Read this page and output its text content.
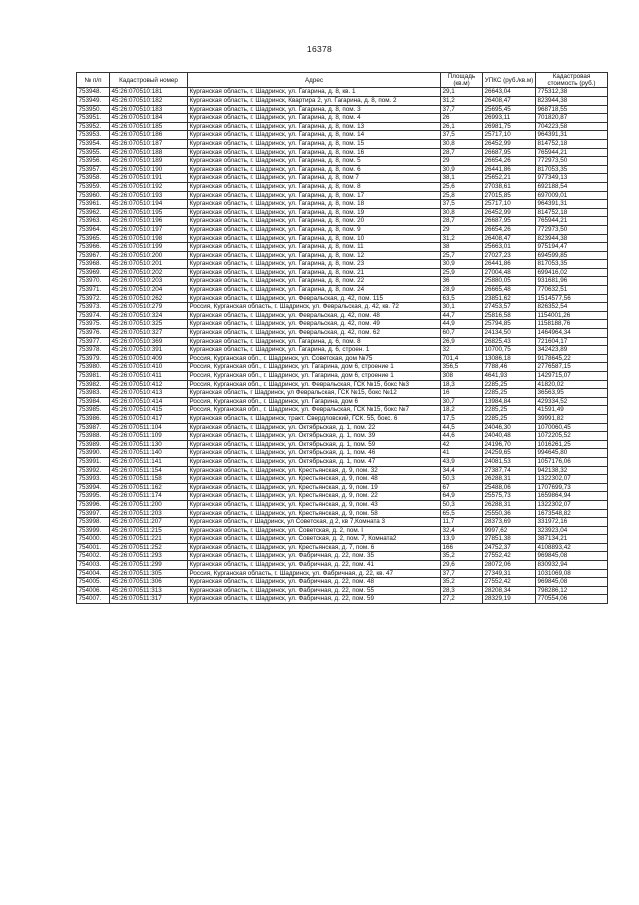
16378
№ п/п	Кадастровый номер	Адрес	Площадь (кв.м)	УПКС (руб./кв.м)	Кадастровая стоимость (руб.)
753948.	45:26:070510:181	Курганская область, г. Шадринск, ул. Гагарина, д. 8, кв. 1	29,1	26643,04	775312,38
753949.	45:26:070510:182	Курганская область, г. Шадринск, Квартира 2, ул. Гагарина, д. 8, пом. 2	31,2	26408,47	823944,38
753950.	45:26:070510:183	Курганская область, г. Шадринск, ул. Гагарина, д. 8, пом. 3	37,7	25695,45	968718,55
753951.	45:26:070510:184	Курганская область, г. Шадринск, ул. Гагарина, д. 8, пом. 4	26	26993,11	701820,87
753952.	45:26:070510:185	Курганская область, г. Шадринск, ул. Гагарина, д. 8, пом. 13	26,1	26981,75	704223,58
753953.	45:26:070510:186	Курганская область, г. Шадринск, ул. Гагарина, д. 8, пом. 14	37,5	25717,10	964391,31
753954.	45:26:070510:187	Курганская область, г. Шадринск, ул. Гагарина, д. 8, пом. 15	30,8	26452,99	814752,18
753955.	45:26:070510:188	Курганская область, г. Шадринск, ул. Гагарина, д. 8, пом. 16	28,7	26687,95	765944,21
753956.	45:26:070510:189	Курганская область, г. Шадринск, ул. Гагарина, д. 8, пом. 5	29	26654,26	772973,50
753957.	45:26:070510:190	Курганская область, г. Шадринск, ул. Гагарина, д. 8, пом. 6	30,9	26441,86	817053,35
753958.	45:26:070510:191	Курганская область, г. Шадринск, ул. Гагарина, д. 8, пом 7	38,1	25652,21	977349,13
753959.	45:26:070510:192	Курганская область, г. Шадринск, ул. Гагарина, д. 8, пом. 8	25,6	27038,61	692188,54
753960.	45:26:070510:193	Курганская область, г. Шадринск, ул. Гагарина, д. 8, пом. 17	25,8	27015,85	697009,01
753961.	45:26:070510:194	Курганская область, г. Шадринск, ул. Гагарина, д. 8, пом. 18	37,5	25717,10	964391,31
753962.	45:26:070510:195	Курганская область, г. Шадринск, ул. Гагарина, д. 8, пом. 19	30,8	26452,99	814752,18
753963.	45:26:070510:196	Курганская область, г. Шадринск, ул. Гагарина, д. 8, пом. 20	28,7	26687,95	765944,21
753964.	45:26:070510:197	Курганская область, г. Шадринск, ул. Гагарина, д. 8, пом. 9	29	26654,26	772973,50
753965.	45:26:070510:198	Курганская область, г. Шадринск, ул. Гагарина, д. 8, пом. 10	31,2	26408,47	823944,38
753966.	45:26:070510:199	Курганская область, г. Шадринск, ул. Гагарина, д. 8, пом. 11	38	25663,01	975194,47
753967.	45:26:070510:200	Курганская область, г. Шадринск, ул. Гагарина, д. 8, пом. 12	25,7	27027,23	694599,85
753968.	45:26:070510:201	Курганская область, г. Шадринск, ул. Гагарина, д. 8, пом. 23	30,9	26441,86	817053,35
753969.	45:26:070510:202	Курганская область, г. Шадринск, ул. Гагарина, д. 8, пом. 21	25,9	27004,48	699416,02
753970.	45:26:070510:203	Курганская область, г. Шадринск, ул. Гагарина, д. 8, пом. 22	36	25880,05	931681,96
753971.	45:26:070510:204	Курганская область, г. Шадринск, ул. Гагарина, д. 8, пом. 24	28,9	26665,48	770632,51
753972.	45:26:070510:262	Курганская область, г. Шадринск, ул. Февральская, д. 42, пом. 115	63,5	23851,62	1514577,56
753973.	45:26:070510:279	Россия, Курганская область, г. Шадринск, ул. Февральская, д. 42, кв. 72	30,1	27453,57	826352,54
753974.	45:26:070510:324	Курганская область, г. Шадринск, ул. Февральская, д. 42, пом. 48	44,7	25816,58	1154001,26
753975.	45:26:070510:325	Курганская область, г. Шадринск, ул. Февральская, д. 42, пом. 49	44,9	25794,85	1158188,76
753976.	45:26:070510:327	Курганская область, г. Шадринск, ул. Февральская, д. 42, пом. 62	60,7	24134,50	1464964,34
753977.	45:26:070510:369	Курганская область, г. Шадринск, ул. Гагарина, д. 6, пом. 8	26,9	26825,43	721604,17
753978.	45:26:070510:391	Курганская область, г. Шадринск, ул. Гагарина, д. 6, строен. 1	32	10700,75	342423,89
753979.	45:26:070510:409	Россия, Курганская обл., г. Шадринск, ул. Советская, дом №75	701,4	13086,18	9178645,22
753980.	45:26:070510:410	Россия, Курганская обл., г. Шадринск, ул. Гагарина, дом 6, строение 1	356,5	7788,46	2776587,15
753981.	45:26:070510:411	Россия, Курганская обл., г. Шадринск, ул. Гагарина, дом 6, строение 1	308	4641,93	1429715,07
753982.	45:26:070510:412	Россия, Курганская обл., г. Шадринск, ул. Февральская, ГСК №15, бокс №3	18,3	2285,25	41820,02
753983.	45:26:070510:413	Курганская область, г Шадринск, ул Февральская, ГСК №15, бокс №12	16	2285,25	36563,95
753984.	45:26:070510:414	Россия, Курганская обл., г. Шадринск, ул. Гагарина, дом 6	30,7	13984,84	429334,52
753985.	45:26:070510:415	Россия, Курганская обл., г. Шадринск, ул. Февральская, ГСК №15, бокс №7	18,2	2285,25	41591,49
753986.	45:26:070510:417	Курганская область, г. Шадринск, тракт. Свердловский, ГСК. 55, бокс. 6	17,5	2285,25	39991,82
753987.	45:26:070511:104	Курганская область, г. Шадринск, ул. Октябрьская, д. 1, пом. 22	44,5	24046,30	1070060,45
753988.	45:26:070511:109	Курганская область, г. Шадринск, ул. Октябрьская, д. 1, пом. 39	44,6	24040,48	1072205,52
753989.	45:26:070511:130	Курганская область, г. Шадринск, ул. Октябрьская, д. 1, пом. 59	42	24196,70	1016261,25
753990.	45:26:070511:140	Курганская область, г. Шадринск, ул. Октябрьская, д. 1, пом. 46	41	24259,65	994645,80
753991.	45:26:070511:141	Курганская область, г. Шадринск, ул. Октябрьская, д. 1, пом. 47	43,9	24081,53	1057176,06
753992.	45:26:070511:154	Курганская область, г. Шадринск, ул. Крестьянская, д. 9, пом. 32	34,4	27387,74	942138,32
753993.	45:26:070511:158	Курганская область, г. Шадринск, ул. Крестьянская, д. 9, пом. 48	50,3	26288,31	1322302,07
753994.	45:26:070511:162	Курганская область, г. Шадринск, ул. Крестьянская, д. 9, пом. 19	67	25488,06	1707699,73
753995.	45:26:070511:174	Курганская область, г. Шадринск, ул. Крестьянская, д. 9, пом. 22	64,9	25575,73	1659864,94
753996.	45:26:070511:200	Курганская область, г. Шадринск, ул. Крестьянская, д. 9, пом. 43	50,3	26288,31	1322302,07
753997.	45:26:070511:203	Курганская область, г. Шадринск, ул. Крестьянская, д. 9, пом. 58	65,5	25550,36	1673548,82
753998.	45:26:070511:207	Курганская область, г Шадринск, ул Советская, д 2, кв 7,Комната 3	11,7	28373,69	331972,16
753999.	45:26:070511:215	Курганская область, г. Шадринск, ул. Советская, д. 2, пом. I	32,4	9997,62	323923,04
754000.	45:26:070511:221	Курганская область, г. Шадринск, ул. Советская, д. 2, пом. 7, Комната2	13,9	27851,38	387134,21
754001.	45:26:070511:252	Курганская область, г. Шадринск, ул. Крестьянская, д. 7, пом. 6	166	24752,37	4108893,42
754002.	45:26:070511:293	Курганская область, г. Шадринск, ул. Фабричная, д. 22, пом. 35	35,2	27552,42	969845,08
754003.	45:26:070511:299	Курганская область, г. Шадринск, ул. Фабричная, д. 22, пом. 41	29,6	28072,06	830932,94
754004.	45:26:070511:305	Россия, Курганская область, г. Шадринск, ул. Фабричная, д. 22, кв. 47	37,7	27349,31	1031069,08
754005.	45:26:070511:306	Курганская область, г. Шадринск, ул. Фабричная, д. 22, пом. 48	35,2	27552,42	969845,08
754006.	45:26:070511:313	Курганская область, г. Шадринск, ул. Фабричная, д. 22, пом. 55	28,3	28208,34	798286,12
754007.	45:26:070511:317	Курганская область, г. Шадринск, ул. Фабричная, д. 22, пом. 59	27,2	28329,19	770554,06
